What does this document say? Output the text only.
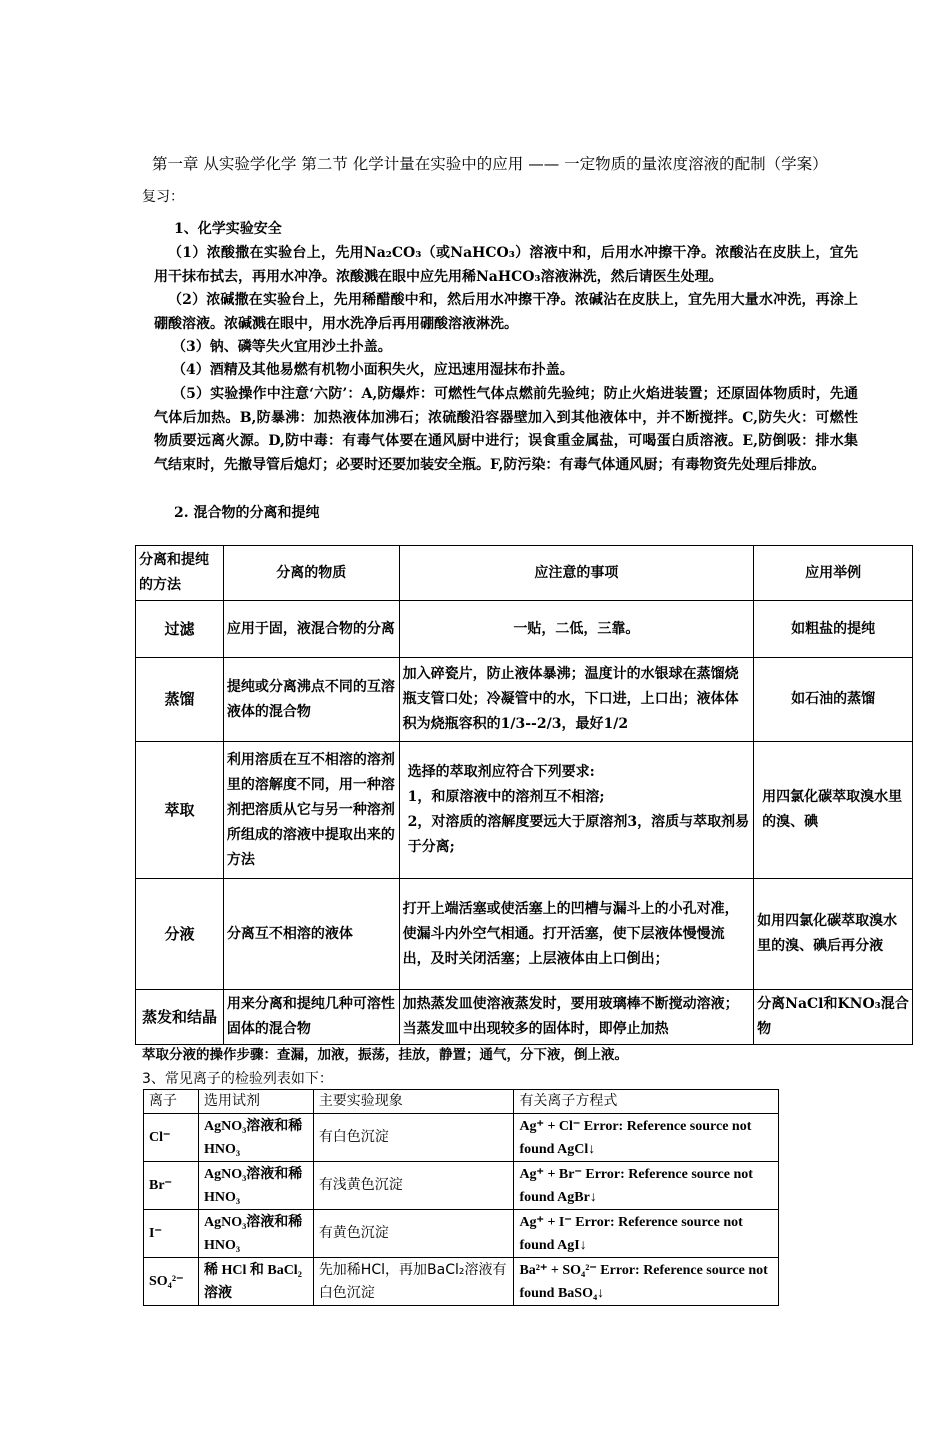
第一章 从实验学化学 第二节 化学计量在实验中的应用 —— 一定物质的量浓度溶液的配制（学案）
复习：
1、化学实验安全
（1）浓酸撒在实验台上，先用Na₂CO₃（或NaHCO₃）溶液中和，后用水冲擦干净。浓酸沾在皮肤上，宜先用干抹布拭去，再用水冲净。浓酸溅在眼中应先用稀NaHCO₃溶液淋洗，然后请医生处理。
（2）浓碱撒在实验台上，先用稀醋酸中和，然后用水冲擦干净。浓碱沾在皮肤上，宜先用大量水冲洗，再涂上硼酸溶液。浓碱溅在眼中，用水洗净后再用硼酸溶液淋洗。
（3）钠、磷等失火宜用沙土扑盖。
（4）酒精及其他易燃有机物小面积失火，应迅速用湿抹布扑盖。
（5）实验操作中注意‘六防’：A,防爆炸：可燃性气体点燃前先验纯；防止火焰进装置；还原固体物质时，先通气体后加热。B,防暴沸：加热液体加沸石；浓硫酸沿容器壁加入到其他液体中，并不断搅拌。C,防失火：可燃性物质要远离火源。D,防中毒：有毒气体要在通风厨中进行；误食重金属盐，可喝蛋白质溶液。E,防倒吸：排水集气结束时，先撤导管后熄灯；必要时还要加装安全瓶。F,防污染：有毒气体通风厨；有毒物资先处理后排放。
2. 混合物的分离和提纯
分离和提纯的方法	分离的物质	应注意的事项	应用举例
过滤	应用于固，液混合物的分离	一贴，二低，三靠。	如粗盐的提纯
蒸馏	提纯或分离沸点不同的互溶液体的混合物	加入碎瓷片，防止液体暴沸；温度计的水银球在蒸馏烧瓶支管口处；冷凝管中的水，下口进，上口出；液体体积为烧瓶容积的1/3--2/3，最好1/2	如石油的蒸馏
萃取	利用溶质在互不相溶的溶剂里的溶解度不同，用一种溶剂把溶质从它与另一种溶剂所组成的溶液中提取出来的方法	选择的萃取剂应符合下列要求:
1，和原溶液中的溶剂互不相溶;
2，对溶质的溶解度要远大于原溶剂3，溶质与萃取剂易于分离;	用四氯化碳萃取溴水里的溴、碘
分液	分离互不相溶的液体	打开上端活塞或使活塞上的凹槽与漏斗上的小孔对准，使漏斗内外空气相通。打开活塞，使下层液体慢慢流出，及时关闭活塞；上层液体由上口倒出；	如用四氯化碳萃取溴水里的溴、碘后再分液
蒸发和结晶	用来分离和提纯几种可溶性固体的混合物	加热蒸发皿使溶液蒸发时，要用玻璃棒不断搅动溶液；当蒸发皿中出现较多的固体时，即停止加热	分离NaCl和KNO₃混合物
萃取分液的操作步骤：查漏，加液，振荡，挂放，静置；通气，分下液，倒上液。
3、常见离子的检验列表如下：
离子	选用试剂	主要实验现象	有关离子方程式
Cl⁻	AgNO₃溶液和稀HNO₃	有白色沉淀	Ag⁺ + Cl⁻ Error: Reference source not found AgCl↓
Br⁻	AgNO₃溶液和稀HNO₃	有浅黄色沉淀	Ag⁺ + Br⁻ Error: Reference source not found AgBr↓
I⁻	AgNO₃溶液和稀HNO₃	有黄色沉淀	Ag⁺ + I⁻ Error: Reference source not found AgI↓
SO₄²⁻	稀 HCl 和 BaCl₂溶液	先加稀HCl，再加BaCl₂溶液有白色沉淀	Ba²⁺ + SO₄²⁻ Error: Reference source not found BaSO₄↓
